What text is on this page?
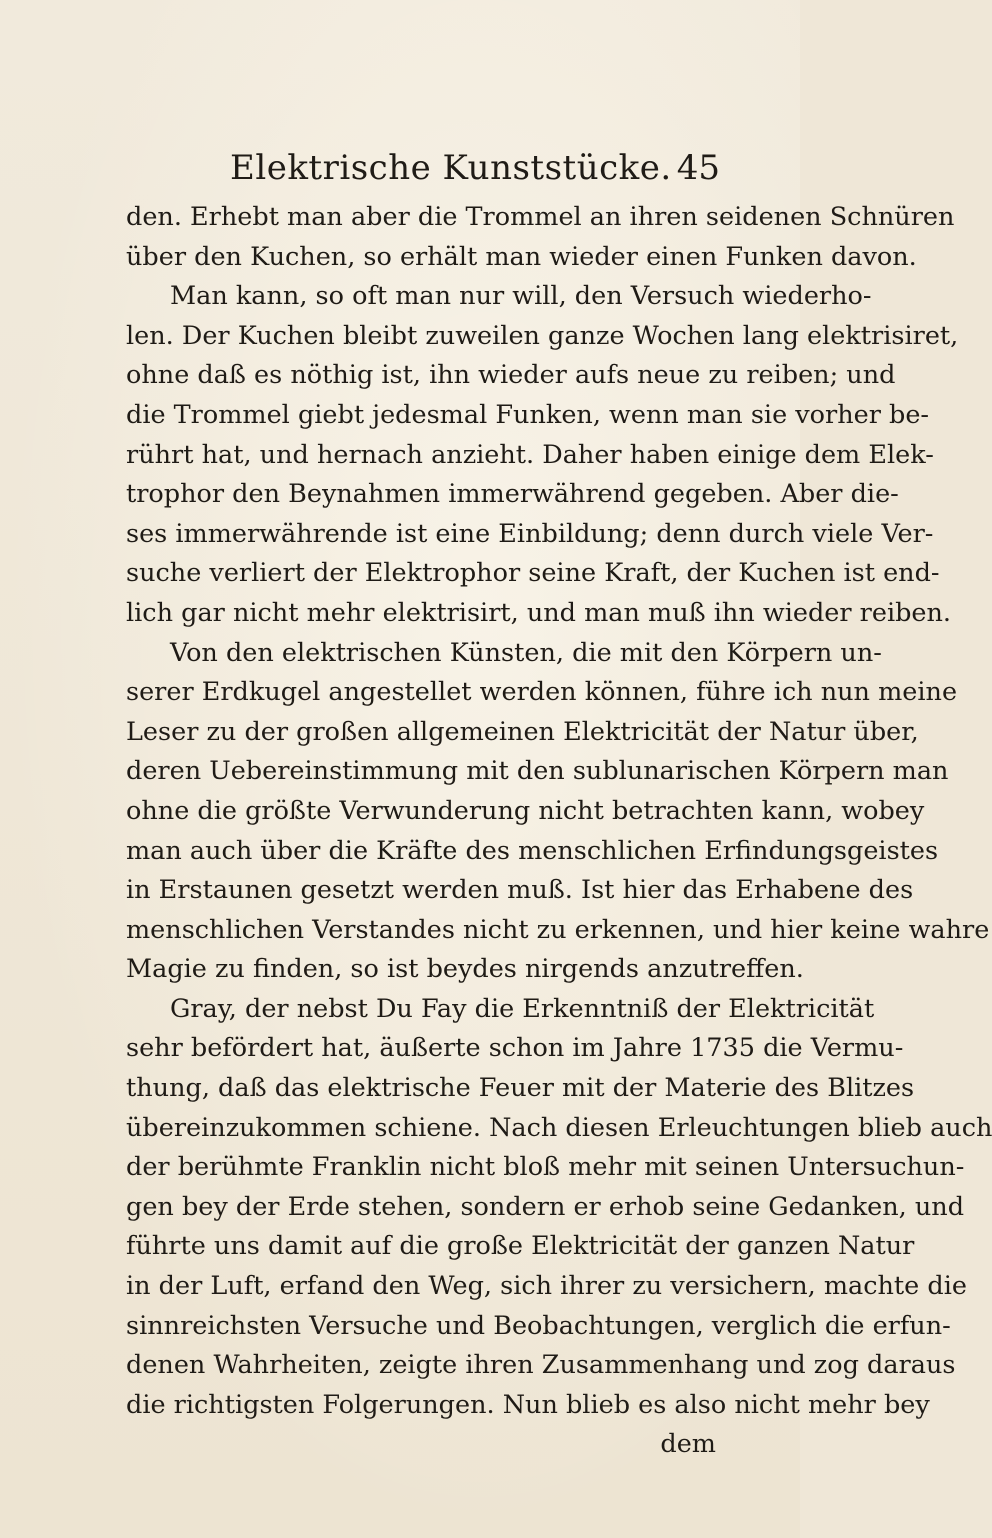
Elektrische Kunststücke. 45
den. Erhebt man aber die Trommel an ihren seidenen Schnüren
über den Kuchen, so erhält man wieder einen Funken davon.
Man kann, so oft man nur will, den Versuch wiederho-
len. Der Kuchen bleibt zuweilen ganze Wochen lang elektrisiret,
ohne daß es nöthig ist, ihn wieder aufs neue zu reiben; und
die Trommel giebt jedesmal Funken, wenn man sie vorher be-
rührt hat, und hernach anzieht. Daher haben einige dem Elek-
trophor den Beynahmen immerwährend gegeben. Aber die-
ses immerwährende ist eine Einbildung; denn durch viele Ver-
suche verliert der Elektrophor seine Kraft, der Kuchen ist end-
lich gar nicht mehr elektrisirt, und man muß ihn wieder reiben.
Von den elektrischen Künsten, die mit den Körpern un-
serer Erdkugel angestellet werden können, führe ich nun meine
Leser zu der großen allgemeinen Elektricität der Natur über,
deren Uebereinstimmung mit den sublunarischen Körpern man
ohne die größte Verwunderung nicht betrachten kann, wobey
man auch über die Kräfte des menschlichen Erfindungsgeistes
in Erstaunen gesetzt werden muß. Ist hier das Erhabene des
menschlichen Verstandes nicht zu erkennen, und hier keine wahre
Magie zu finden, so ist beydes nirgends anzutreffen.
Gray, der nebst Du Fay die Erkenntniß der Elektricität
sehr befördert hat, äußerte schon im Jahre 1735 die Vermu-
thung, daß das elektrische Feuer mit der Materie des Blitzes
übereinzukommen schiene. Nach diesen Erleuchtungen blieb auch
der berühmte Franklin nicht bloß mehr mit seinen Untersuchun-
gen bey der Erde stehen, sondern er erhob seine Gedanken, und
führte uns damit auf die große Elektricität der ganzen Natur
in der Luft, erfand den Weg, sich ihrer zu versichern, machte die
sinnreichsten Versuche und Beobachtungen, verglich die erfun-
denen Wahrheiten, zeigte ihren Zusammenhang und zog daraus
die richtigsten Folgerungen. Nun blieb es also nicht mehr bey
dem
